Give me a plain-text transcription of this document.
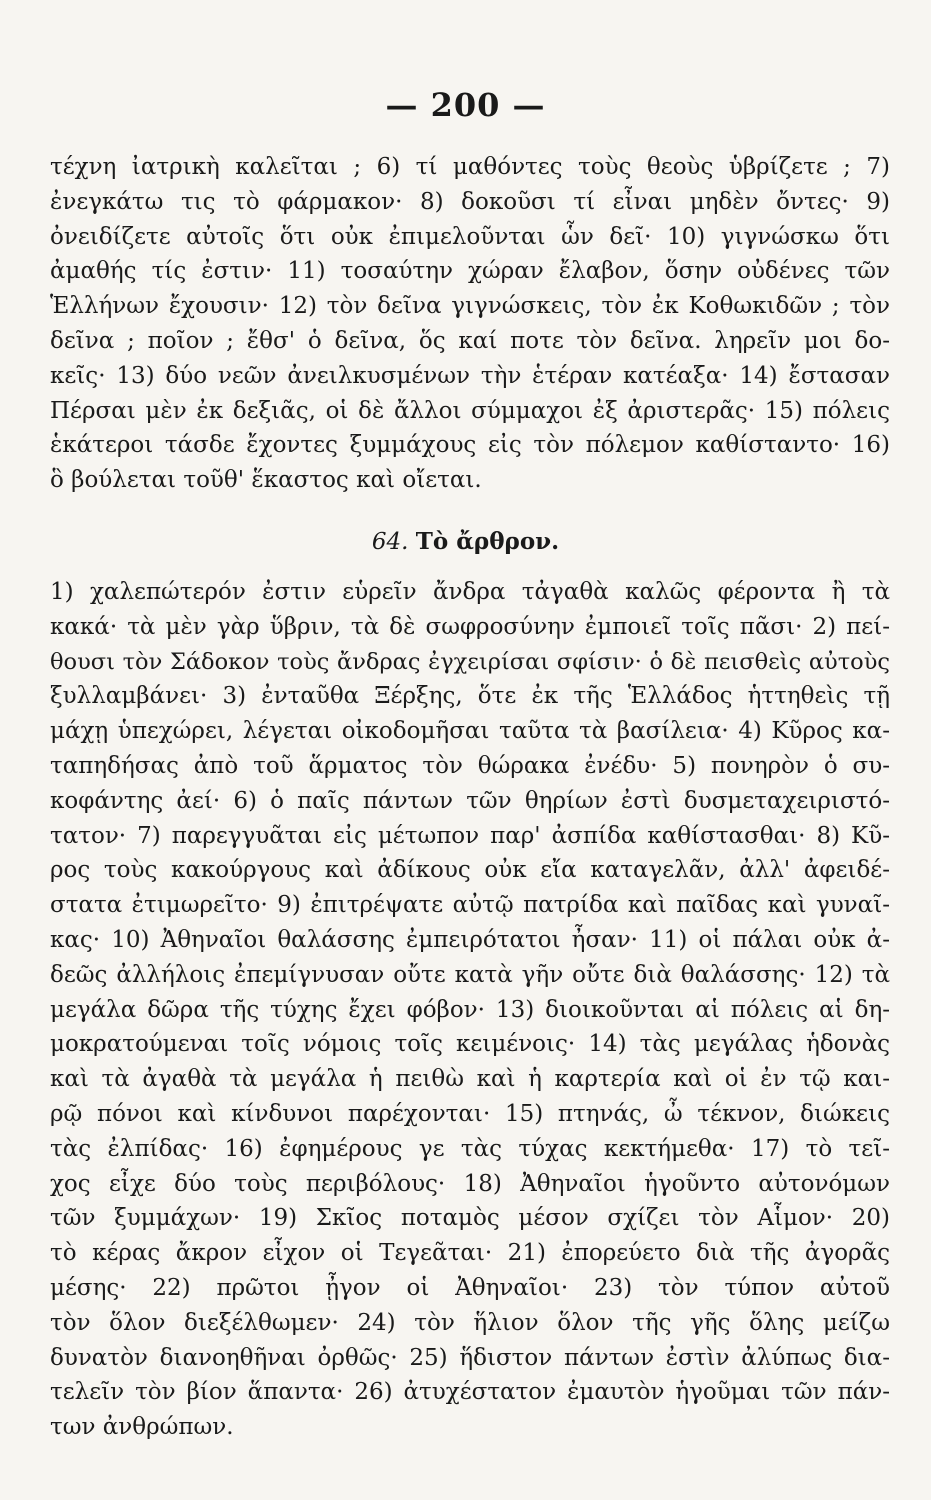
— 200 —
τέχνη ἰατρικὴ καλεῖται ; 6) τί μαθόντες τοὺς θεοὺς ὑβρίζετε ; 7)
ἐνεγκάτω τις τὸ φάρμακον· 8) δοκοῦσι τί εἶναι μηδὲν ὄντες· 9)
ὀνειδίζετε αὐτοῖς ὅτι οὐκ ἐπιμελοῦνται ὧν δεῖ· 10) γιγνώσκω ὅτι
ἀμαθής τίς ἐστιν· 11) τοσαύτην χώραν ἔλαβον, ὅσην οὐδένες τῶν
Ἑλλήνων ἔχουσιν· 12) τὸν δεῖνα γιγνώσκεις, τὸν ἐκ Κοθωκιδῶν ; τὸν
δεῖνα ; ποῖον ; ἔθσ' ὁ δεῖνα, ὅς καί ποτε τὸν δεῖνα. ληρεῖν μοι δο-
κεῖς· 13) δύο νεῶν ἀνειλκυσμένων τὴν ἑτέραν κατέαξα· 14) ἔστασαν
Πέρσαι μὲν ἐκ δεξιᾶς, οἱ δὲ ἄλλοι σύμμαχοι ἐξ ἀριστερᾶς· 15) πόλεις
ἑκάτεροι τάσδε ἔχοντες ξυμμάχους εἰς τὸν πόλεμον καθίσταντο· 16)
ὃ βούλεται τοῦθ' ἕκαστος καὶ οἴεται.
64. Τὸ ἄρθρον.
1) χαλεπώτερόν ἐστιν εὑρεῖν ἄνδρα τἀγαθὰ καλῶς φέροντα ἢ τὰ
κακά· τὰ μὲν γὰρ ὕβριν, τὰ δὲ σωφροσύνην ἐμποιεῖ τοῖς πᾶσι· 2) πεί-
θουσι τὸν Σάδοκον τοὺς ἄνδρας ἐγχειρίσαι σφίσιν· ὁ δὲ πεισθεὶς αὐτοὺς
ξυλλαμβάνει· 3) ἐνταῦθα Ξέρξης, ὅτε ἐκ τῆς Ἑλλάδος ἡττηθεὶς τῇ
μάχῃ ὑπεχώρει, λέγεται οἰκοδομῆσαι ταῦτα τὰ βασίλεια· 4) Κῦρος κα-
ταπηδήσας ἀπὸ τοῦ ἅρματος τὸν θώρακα ἐνέδυ· 5) πονηρὸν ὁ συ-
κοφάντης ἀεί· 6) ὁ παῖς πάντων τῶν θηρίων ἐστὶ δυσμεταχειριστό-
τατον· 7) παρεγγυᾶται εἰς μέτωπον παρ' ἀσπίδα καθίστασθαι· 8) Κῦ-
ρος τοὺς κακούργους καὶ ἀδίκους οὐκ εἴα καταγελᾶν, ἀλλ' ἀφειδέ-
στατα ἐτιμωρεῖτο· 9) ἐπιτρέψατε αὐτῷ πατρίδα καὶ παῖδας καὶ γυναῖ-
κας· 10) Ἀθηναῖοι θαλάσσης ἐμπειρότατοι ἦσαν· 11) οἱ πάλαι οὐκ ἀ-
δεῶς ἀλλήλοις ἐπεμίγνυσαν οὔτε κατὰ γῆν οὔτε διὰ θαλάσσης· 12) τὰ
μεγάλα δῶρα τῆς τύχης ἔχει φόβον· 13) διοικοῦνται αἱ πόλεις αἱ δη-
μοκρατούμεναι τοῖς νόμοις τοῖς κειμένοις· 14) τὰς μεγάλας ἡδονὰς
καὶ τὰ ἀγαθὰ τὰ μεγάλα ἡ πειθὼ καὶ ἡ καρτερία καὶ οἱ ἐν τῷ και-
ρῷ πόνοι καὶ κίνδυνοι παρέχονται· 15) πτηνάς, ὦ τέκνον, διώκεις
τὰς ἐλπίδας· 16) ἐφημέρους γε τὰς τύχας κεκτήμεθα· 17) τὸ τεῖ-
χος εἶχε δύο τοὺς περιβόλους· 18) Ἀθηναῖοι ἡγοῦντο αὐτονόμων
τῶν ξυμμάχων· 19) Σκῖος ποταμὸς μέσον σχίζει τὸν Αἷμον· 20)
τὸ κέρας ἄκρον εἶχον οἱ Τεγεᾶται· 21) ἐπορεύετο διὰ τῆς ἀγορᾶς
μέσης· 22) πρῶτοι ᾖγον οἱ Ἀθηναῖοι· 23) τὸν τύπον αὐτοῦ
τὸν ὅλον διεξέλθωμεν· 24) τὸν ἥλιον ὅλον τῆς γῆς ὅλης μείζω
δυνατὸν διανοηθῆναι ὀρθῶς· 25) ἥδιστον πάντων ἐστὶν ἀλύπως δια-
τελεῖν τὸν βίον ἅπαντα· 26) ἀτυχέστατον ἐμαυτὸν ἡγοῦμαι τῶν πάν-
των ἀνθρώπων.
